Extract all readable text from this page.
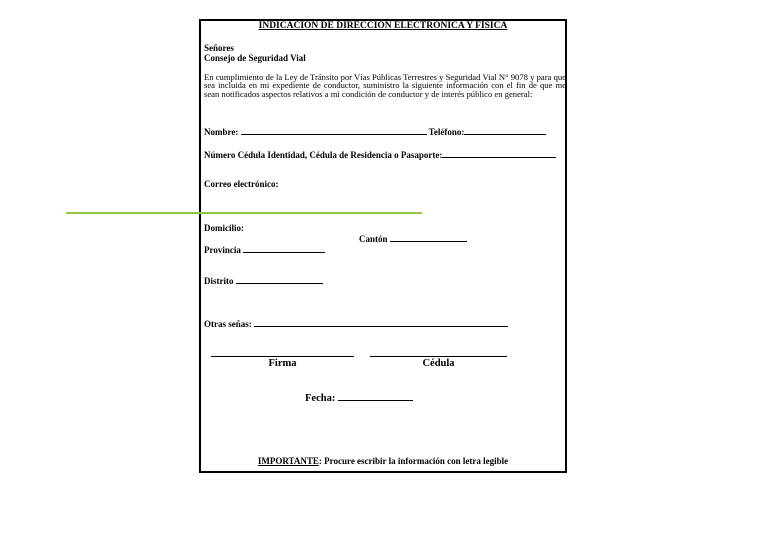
INDICACIÓN DE DIRECCIÓN ELECTRÓNICA Y FÍSICA
Señores
Consejo de Seguridad Vial
En cumplimiento de la Ley de Tránsito por Vías Públicas Terrestres y Seguridad Vial N° 9078 y para que sea incluida en mi expediente de conductor, suministro la siguiente información con el fin de que me sean notificados aspectos relativos a mi condición de conductor y de interés público en general:
Nombre:	Teléfono:
Número Cédula Identidad, Cédula de Residencia o Pasaporte:
Correo electrónico:
Domicilio:
Cantón
Provincia
Distrito
Otras señas:
Firma	Cédula
Fecha:
IMPORTANTE: Procure escribir la información con letra legible
